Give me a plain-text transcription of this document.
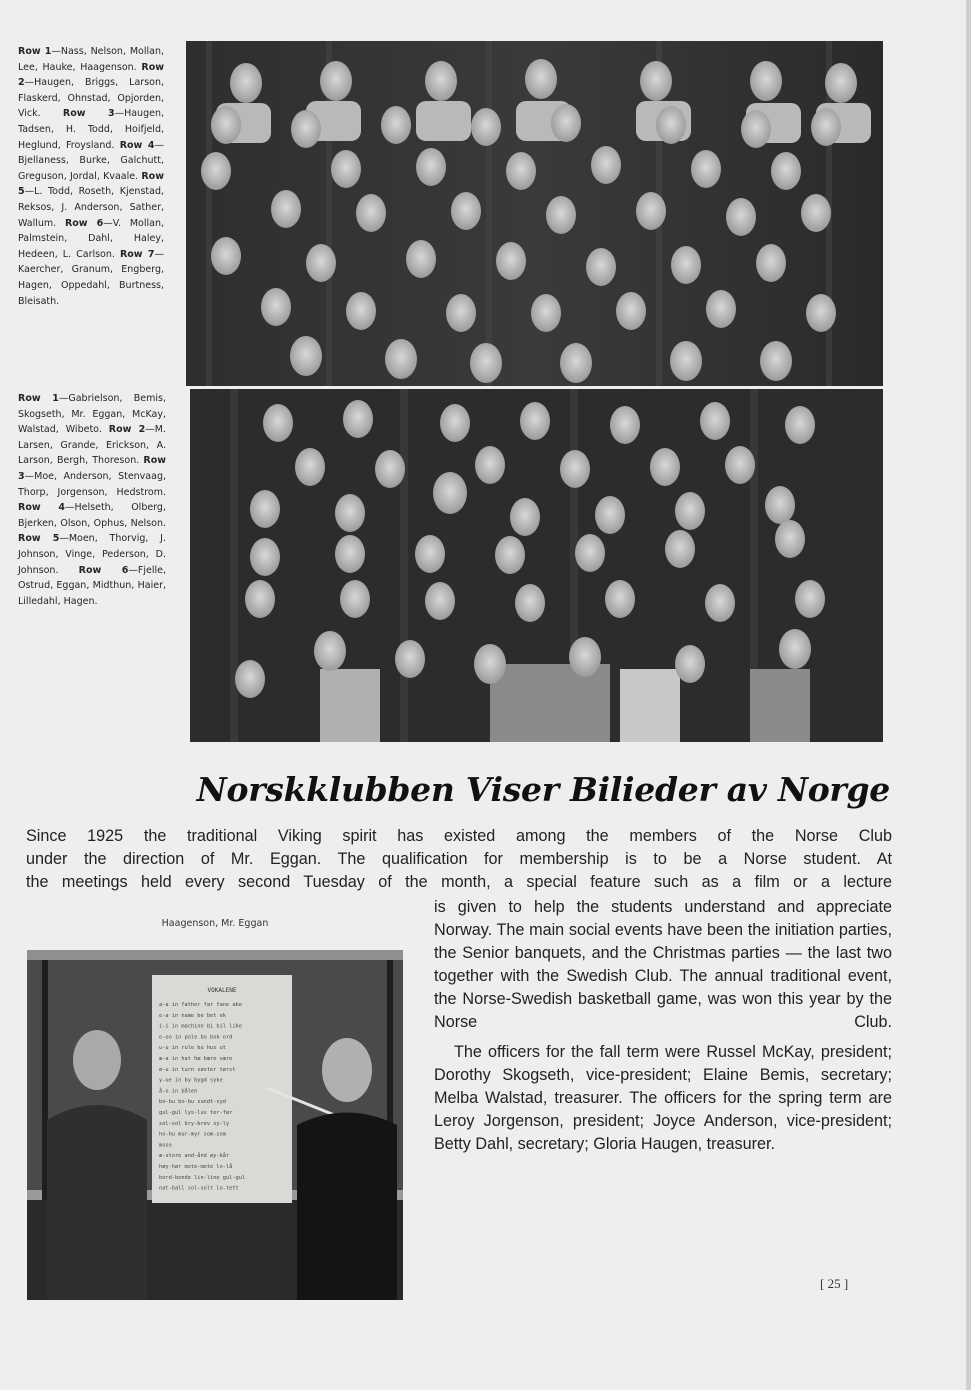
Row 1—Nass, Nelson, Mollan, Lee, Hauke, Haagenson. Row 2—Haugen, Briggs, Larson, Flaskerd, Ohnstad, Opjorden, Vick. Row 3—Haugen, Tadsen, H. Todd, Hoifjeld, Heglund, Froysland. Row 4— Bjellaness, Burke, Galchutt, Greguson, Jordal, Kvaale. Row 5—L. Todd, Roseth, Kjenstad, Reksos, J. Anderson, Sather, Wallum. Row 6—V. Mollan, Palmstein, Dahl, Haley, Hedeen, L. Carlson. Row 7—Kaercher, Granum, Engberg, Hagen, Oppedahl, Burtness, Bleisath.
Row 1—Gabrielson, Bemis, Skogseth, Mr. Eggan, McKay, Walstad, Wibeto. Row 2—M. Larsen, Grande, Erickson, A. Larson, Bergh, Thoreson. Row 3—Moe, Anderson, Stenvaag, Thorp, Jorgenson, Hedstrom. Row 4—Helseth, Olberg, Bjerken, Olson, Ophus, Nelson. Row 5—Moen, Thorvig, J. Johnson, Vinge, Pederson, D. Johnson. Row 6—Fjelle, Ostrud, Eggan, Midthun, Haier, Lilledahl, Hagen.
Norskklubben Viser Bilieder av Norge

Since 1925 the traditional Viking spirit has existed among the members of the Norse Club

under the direction of Mr. Eggan. The qualification for membership is to be a Norse student. At

the meetings held every second Tuesday of the month, a special feature such as a film or a lecture

Haagenson, Mr. Eggan
VOKALENE
a-a in father far fane ake
e-a in name be bet ek
i-i in machine bi bil like
o-oo in pole bo bok ord
u-u in rule bu hus ut
æ-a in hat hæ bære være
ø-u in turn søster tørst
y-ue in by bygd syke
å-o in bålen
bo-bu bo-bu sundt-syd
gul-gul lys-lus ter-før
sol-sol bry-brev sy-ly
ho-hu mur-myr som-som
mose
æ-store and-ånd øy-kår
høy-hør mote-mote lo-lå
bord-bonde lin-line gul-gul
nat-ball sol-solt lo-tett

is given to help the students understand and appreciate Norway. The main social events have been the initiation parties, the Senior banquets, and the Christmas parties — the last two together with the Swedish Club. The annual traditional event, the Norse-Swedish basketball game, was won this year by the Norse Club.

The officers for the fall term were Russel McKay, president; Dorothy Skogseth, vice-president; Elaine Bemis, secretary; Melba Walstad, treasurer. The officers for the spring term are Leroy Jorgenson, president; Joyce Anderson, vice-president; Betty Dahl, secretary; Gloria Haugen, treasurer.

[ 25 ]
